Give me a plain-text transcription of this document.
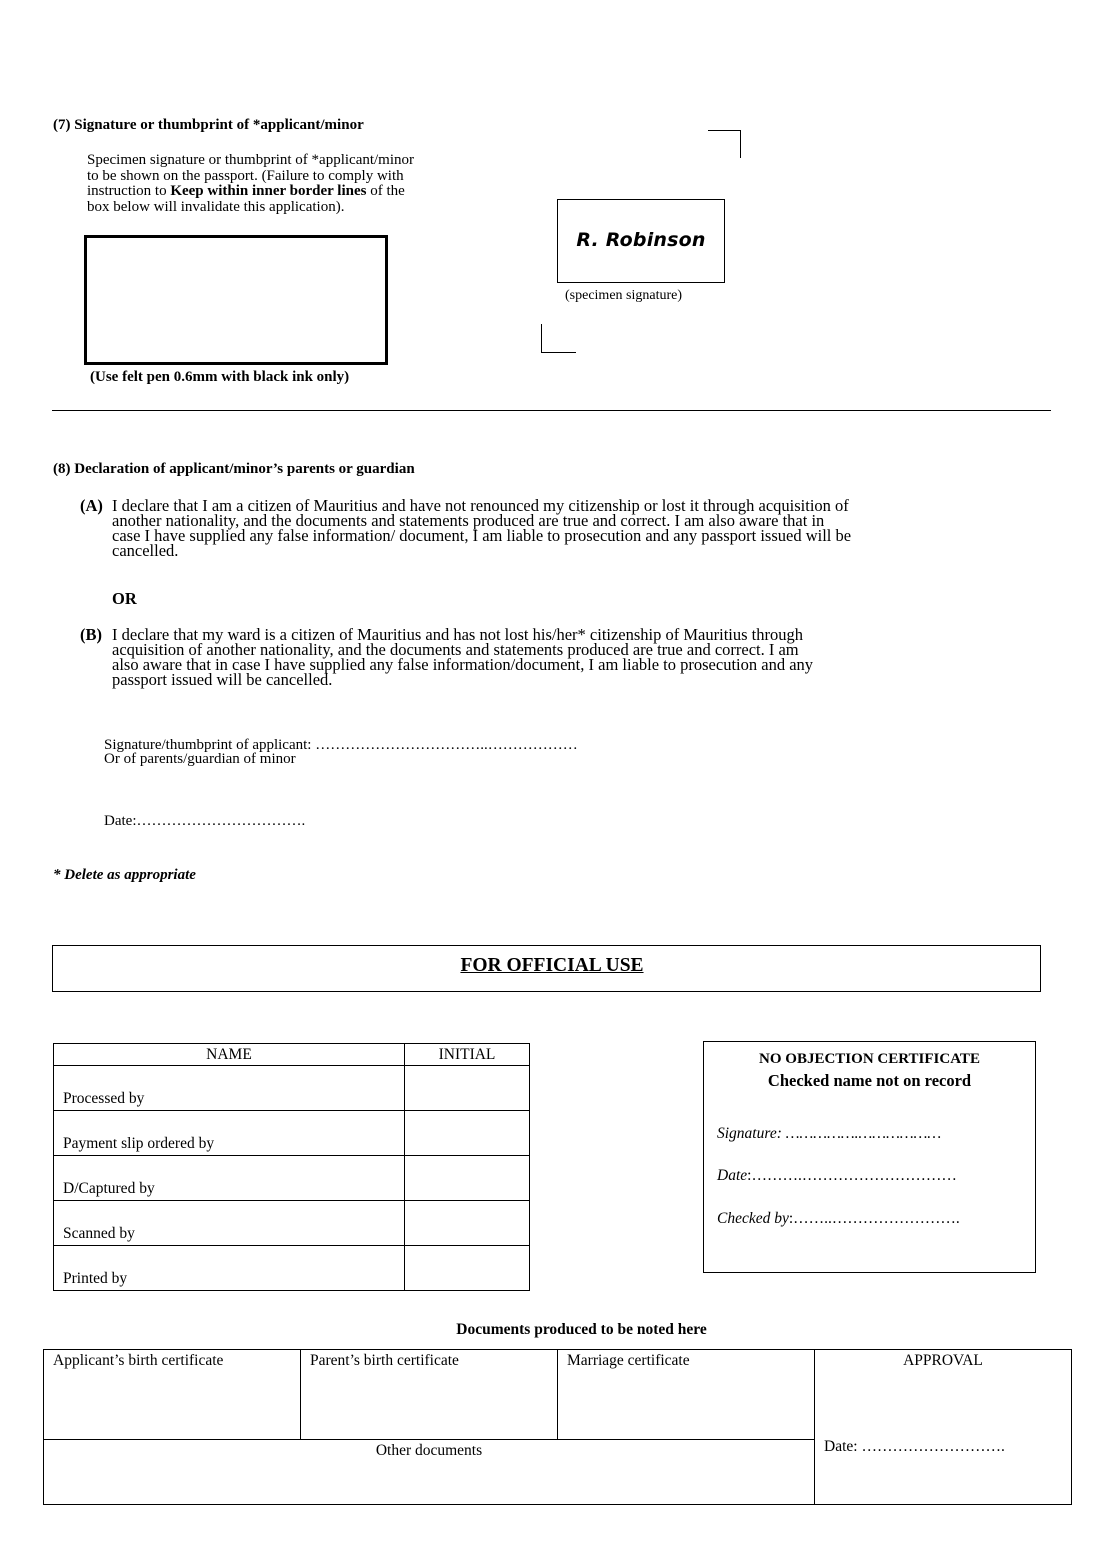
(7) Signature or thumbprint of *applicant/minor
Specimen signature or thumbprint of *applicant/minor
to be shown on the passport. (Failure to comply with
instruction to Keep within inner border lines of the
box below will invalidate this application).
(Use felt pen 0.6mm with black ink only)
R. Robinson
(specimen signature)
(8) Declaration of applicant/minor’s parents or guardian
(A) I declare that I am a citizen of Mauritius and have not renounced my citizenship or lost it through acquisition of
another nationality, and the documents and statements produced are true and correct. I am also aware that in
case I have supplied any false information/ document, I am liable to prosecution and any passport issued will be
cancelled.
OR
(B) I declare that my ward is a citizen of Mauritius and has not lost his/her* citizenship of Mauritius through
acquisition of another nationality, and the documents and statements produced are true and correct. I am
also aware that in case I have supplied any false information/document, I am liable to prosecution and any
passport issued will be cancelled.
Signature/thumbprint of applicant: ……………………………..………………
Or of parents/guardian of minor
Date:…………………………….
* Delete as appropriate
FOR OFFICIAL USE
NAME	INITIAL
Processed by	
Payment slip ordered by	
D/Captured by	
Scanned by	
Printed by	
NO OBJECTION CERTIFICATE
Checked name not on record
Signature: …………….………………
Date:……….…………………………
Checked by:……..…………………….
Documents produced to be noted here
Applicant’s birth certificate	Parent’s birth certificate	Marriage certificate	APPROVAL
Date: ……………………….

Other documents
